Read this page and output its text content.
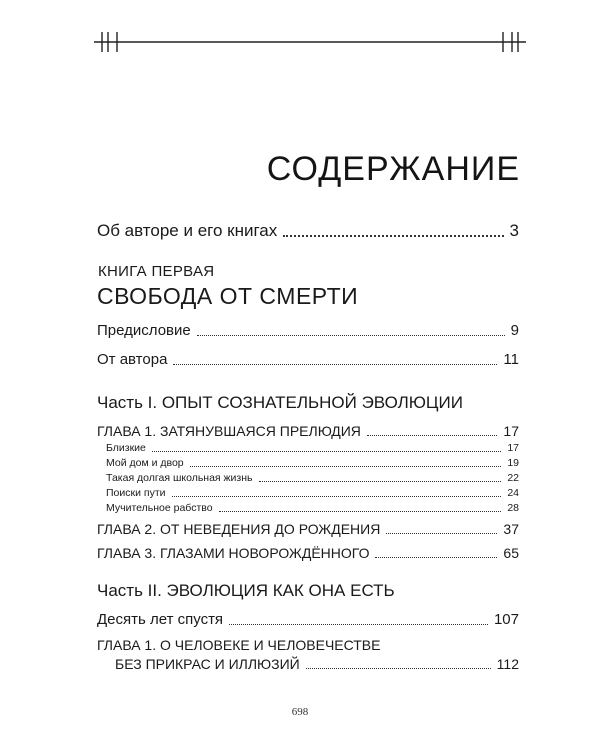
СОДЕРЖАНИЕ
Об авторе и его книгах	3
КНИГА ПЕРВАЯ
СВОБОДА ОТ СМЕРТИ
Предисловие	9
От автора	11
Часть I. ОПЫТ СОЗНАТЕЛЬНОЙ ЭВОЛЮЦИИ
ГЛАВА 1. ЗАТЯНУВШАЯСЯ ПРЕЛЮДИЯ	17
Близкие	17
Мой дом и двор	19
Такая долгая школьная жизнь	22
Поиски пути	24
Мучительное рабство	28
ГЛАВА 2. ОТ НЕВЕДЕНИЯ ДО РОЖДЕНИЯ	37
ГЛАВА 3. ГЛАЗАМИ НОВОРОЖДЁННОГО	65
Часть II. ЭВОЛЮЦИЯ КАК ОНА ЕСТЬ
Десять лет спустя	107
ГЛАВА 1. О ЧЕЛОВЕКЕ И ЧЕЛОВЕЧЕСТВЕ
БЕЗ ПРИКРАС И ИЛЛЮЗИЙ	112
698
